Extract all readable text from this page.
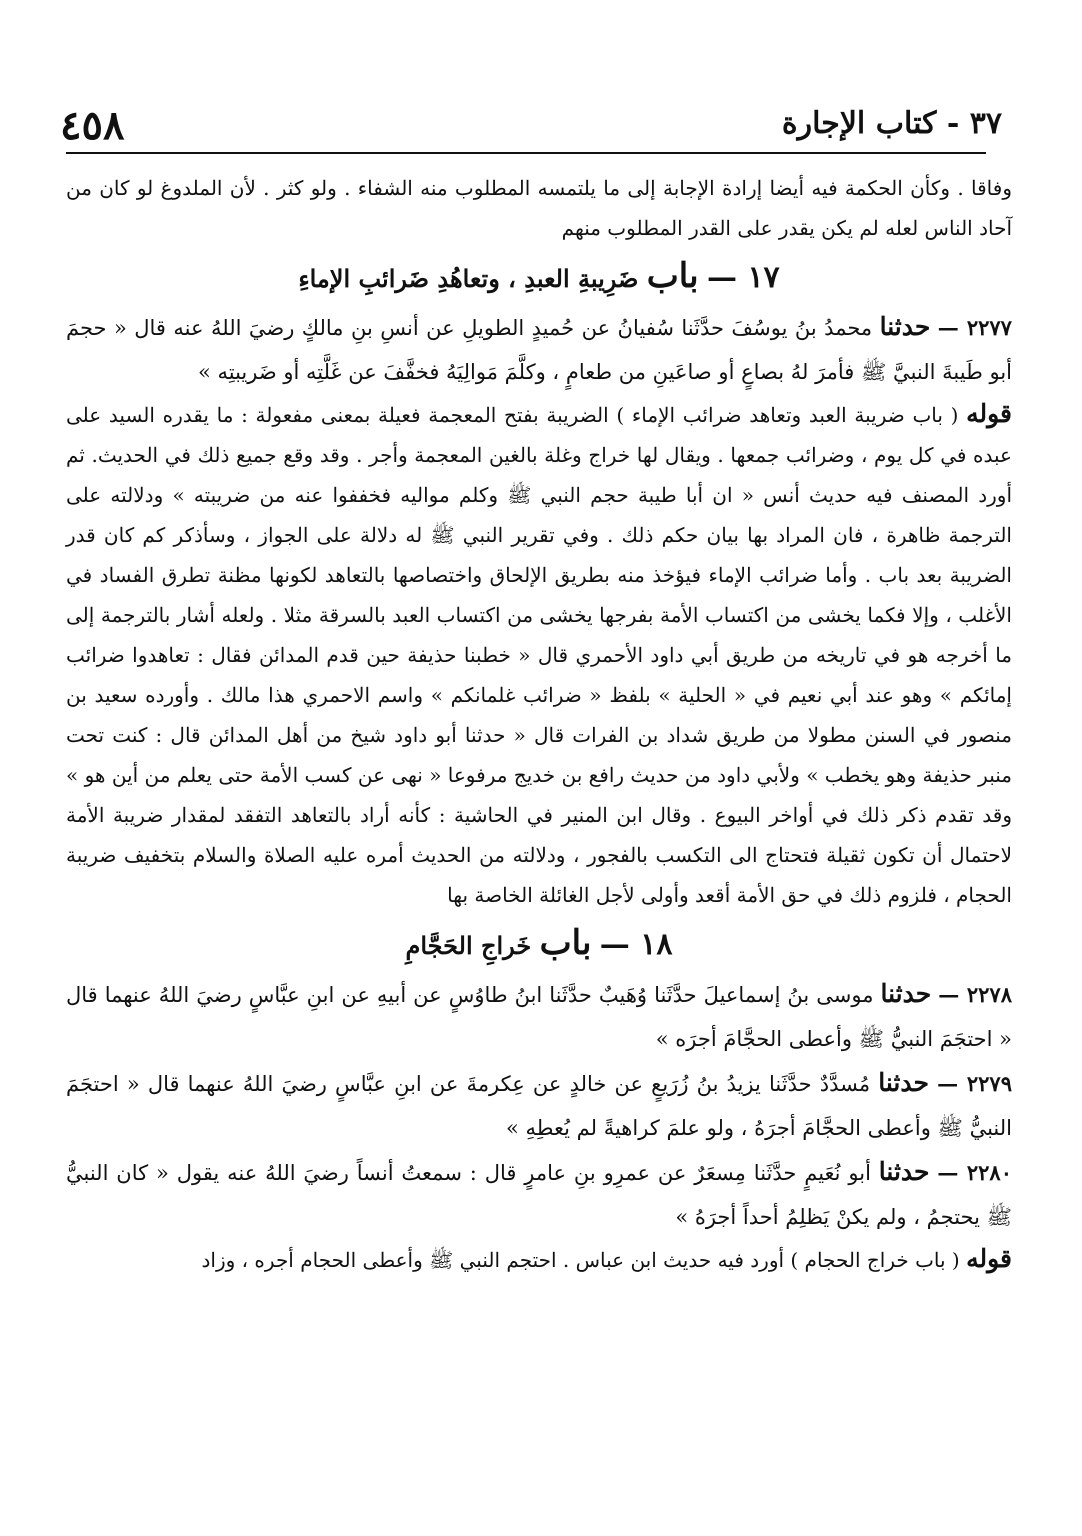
٤٥٨	٣٧ - كتاب الإجارة

وفاقا . وكأن الحكمة فيه أيضا إرادة الإجابة إلى ما يلتمسه المطلوب منه الشفاء . ولو كثر . لأن الملدوغ لو كان من آحاد الناس لعله لم يكن يقدر على القدر المطلوب منهم

١٧ — باب ضَرِيبةِ العبدِ ، وتعاهُدِ ضَرائبِ الإماءِ

٢٢٧٧ — حدثنا محمدُ بنُ يوسُفَ حدَّثَنا سُفيانُ عن حُميدٍ الطويلِ عن أنسِ بنِ مالكٍ رضيَ اللهُ عنه قال « حجمَ أبو طَيبةَ النبيَّ ﷺ فأمرَ لهُ بصاعٍ أو صاعَينِ من طعامٍ ، وكلَّمَ مَوالِيَهُ فخفَّفَ عن غَلَّتِه أو ضَريبتِه »

قوله ( باب ضريبة العبد وتعاهد ضرائب الإماء ) الضريبة بفتح المعجمة فعيلة بمعنى مفعولة : ما يقدره السيد على عبده في كل يوم ، وضرائب جمعها . ويقال لها خراج وغلة بالغين المعجمة وأجر . وقد وقع جميع ذلك في الحديث. ثم أورد المصنف فيه حديث أنس « ان أبا طيبة حجم النبي ﷺ وكلم مواليه فخففوا عنه من ضريبته » ودلالته على الترجمة ظاهرة ، فان المراد بها بيان حكم ذلك . وفي تقرير النبي ﷺ له دلالة على الجواز ، وسأذكر كم كان قدر الضريبة بعد باب . وأما ضرائب الإماء فيؤخذ منه بطريق الإلحاق واختصاصها بالتعاهد لكونها مظنة تطرق الفساد في الأغلب ، وإلا فكما يخشى من اكتساب الأمة بفرجها يخشى من اكتساب العبد بالسرقة مثلا . ولعله أشار بالترجمة إلى ما أخرجه هو في تاريخه من طريق أبي داود الأحمري قال « خطبنا حذيفة حين قدم المدائن فقال : تعاهدوا ضرائب إمائكم » وهو عند أبي نعيم في « الحلية » بلفظ « ضرائب غلمانكم » واسم الاحمري هذا مالك . وأورده سعيد بن منصور في السنن مطولا من طريق شداد بن الفرات قال « حدثنا أبو داود شيخ من أهل المدائن قال : كنت تحت منبر حذيفة وهو يخطب » ولأبي داود من حديث رافع بن خديج مرفوعا « نهى عن كسب الأمة حتى يعلم من أين هو » وقد تقدم ذكر ذلك في أواخر البيوع . وقال ابن المنير في الحاشية : كأنه أراد بالتعاهد التفقد لمقدار ضريبة الأمة لاحتمال أن تكون ثقيلة فتحتاج الى التكسب بالفجور ، ودلالته من الحديث أمره عليه الصلاة والسلام بتخفيف ضريبة الحجام ، فلزوم ذلك في حق الأمة أقعد وأولى لأجل الغائلة الخاصة بها

١٨ — باب خَراجِ الحَجَّامِ

٢٢٧٨ — حدثنا موسى بنُ إسماعيلَ حدَّثَنا وُهَيبٌ حدَّثَنا ابنُ طاوُسٍ عن أبيهِ عن ابنِ عبَّاسٍ رضيَ اللهُ عنهما قال « احتجَمَ النبيُّ ﷺ وأعطى الحجَّامَ أجرَه »

٢٢٧٩ — حدثنا مُسدَّدٌ حدَّثَنا يزيدُ بنُ زُرَيعٍ عن خالدٍ عن عِكرمةَ عن ابنِ عبَّاسٍ رضيَ اللهُ عنهما قال « احتجَمَ النبيُّ ﷺ وأعطى الحجَّامَ أجرَهُ ، ولو علمَ كراهيةً لم يُعطِهِ »

٢٢٨٠ — حدثنا أبو نُعَيمٍ حدَّثَنا مِسعَرٌ عن عمرِو بنِ عامرٍ قال : سمعتُ أنساً رضيَ اللهُ عنه يقول « كان النبيُّ ﷺ يحتجمُ ، ولم يكنْ يَظلِمُ أحداً أجرَهُ »

قوله ( باب خراج الحجام ) أورد فيه حديث ابن عباس . احتجم النبي ﷺ وأعطى الحجام أجره ، وزاد
